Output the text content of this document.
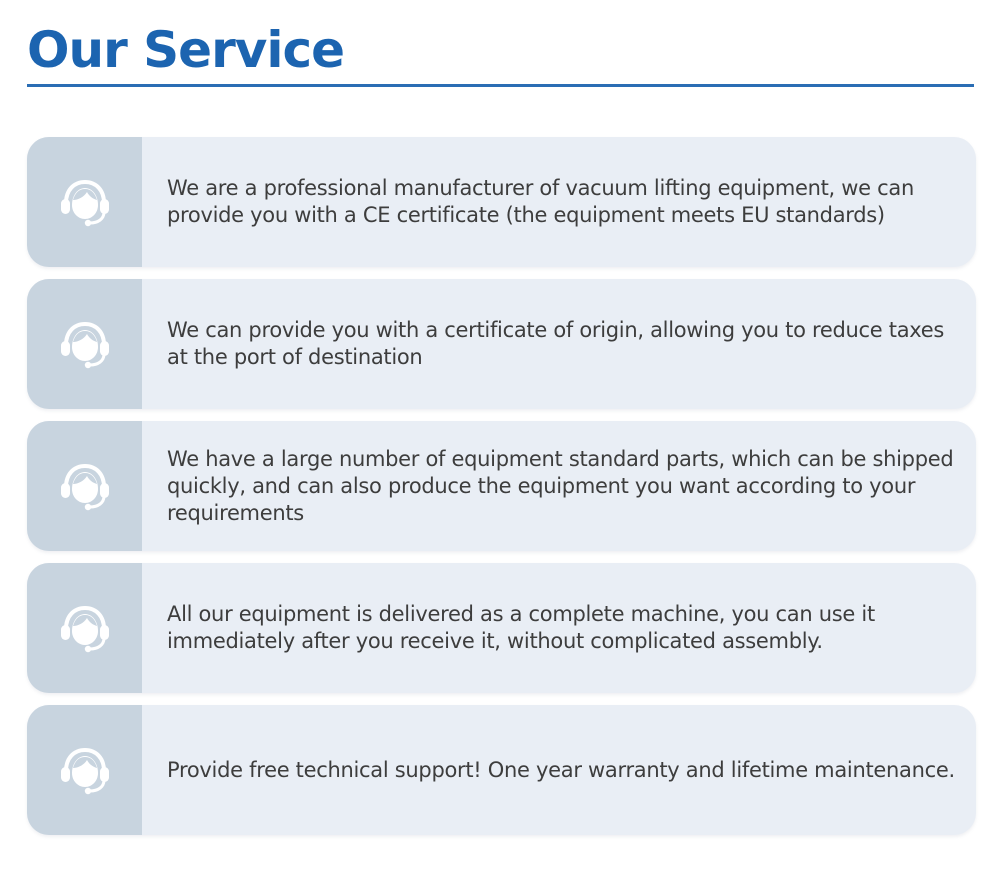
Our Service

We are a professional manufacturer of vacuum lifting equipment, we can provide you with a CE certificate (the equipment meets EU standards)

We can provide you with a certificate of origin, allowing you to reduce taxes at the port of destination

We have a large number of equipment standard parts, which can be shipped quickly, and can also produce the equipment you want according to your requirements

All our equipment is delivered as a complete machine, you can use it immediately after you receive it, without complicated assembly.

Provide free technical support! One year warranty and lifetime maintenance.
